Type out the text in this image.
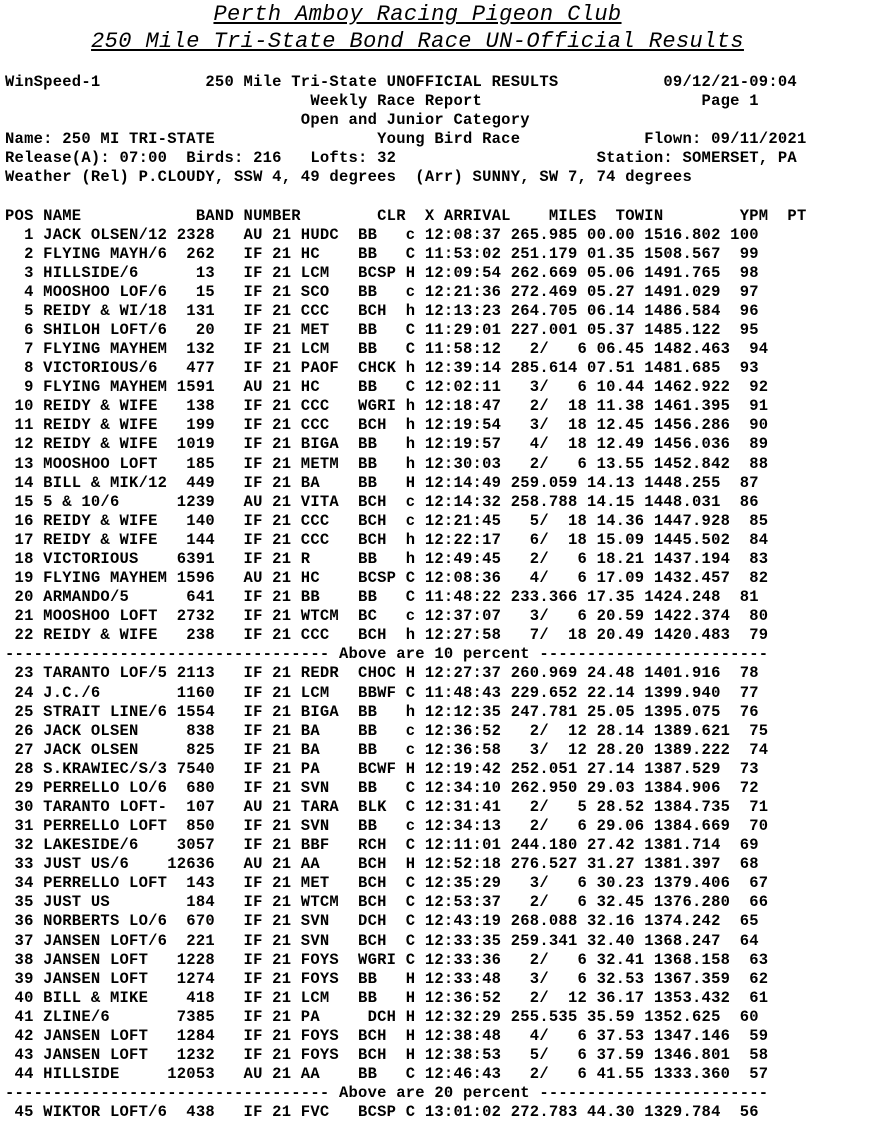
Perth Amboy Racing Pigeon Club
250 Mile Tri-State Bond Race UN-Official Results
WinSpeed-1           250 Mile Tri-State UNOFFICIAL RESULTS           09/12/21-09:04
Weekly Race Report                       Page 1
Open and Junior Category
Name: 250 MI TRI-STATE                 Young Bird Race             Flown: 09/11/2021
Release(A): 07:00  Birds: 216   Lofts: 32                     Station: SOMERSET, PA
Weather (Rel) P.CLOUDY, SSW 4, 49 degrees  (Arr) SUNNY, SW 7, 74 degrees
POS NAME            BAND NUMBER        CLR  X ARRIVAL    MILES  TOWIN        YPM  PT
1 JACK OLSEN/12 2328   AU 21 HUDC  BB   c 12:08:37 265.985 00.00 1516.802 100
2 FLYING MAYH/6  262   IF 21 HC    BB   C 11:53:02 251.179 01.35 1508.567  99
3 HILLSIDE/6      13   IF 21 LCM   BCSP H 12:09:54 262.669 05.06 1491.765  98
4 MOOSHOO LOF/6   15   IF 21 SCO   BB   c 12:21:36 272.469 05.27 1491.029  97
5 REIDY & WI/18  131   IF 21 CCC   BCH  h 12:13:23 264.705 06.14 1486.584  96
6 SHILOH LOFT/6   20   IF 21 MET   BB   C 11:29:01 227.001 05.37 1485.122  95
7 FLYING MAYHEM  132   IF 21 LCM   BB   C 11:58:12   2/   6 06.45 1482.463  94
8 VICTORIOUS/6   477   IF 21 PAOF  CHCK h 12:39:14 285.614 07.51 1481.685  93
9 FLYING MAYHEM 1591   AU 21 HC    BB   C 12:02:11   3/   6 10.44 1462.922  92
10 REIDY & WIFE   138   IF 21 CCC   WGRI h 12:18:47   2/  18 11.38 1461.395  91
11 REIDY & WIFE   199   IF 21 CCC   BCH  h 12:19:54   3/  18 12.45 1456.286  90
12 REIDY & WIFE  1019   IF 21 BIGA  BB   h 12:19:57   4/  18 12.49 1456.036  89
13 MOOSHOO LOFT   185   IF 21 METM  BB   h 12:30:03   2/   6 13.55 1452.842  88
14 BILL & MIK/12  449   IF 21 BA    BB   H 12:14:49 259.059 14.13 1448.255  87
15 5 & 10/6      1239   AU 21 VITA  BCH  c 12:14:32 258.788 14.15 1448.031  86
16 REIDY & WIFE   140   IF 21 CCC   BCH  c 12:21:45   5/  18 14.36 1447.928  85
17 REIDY & WIFE   144   IF 21 CCC   BCH  h 12:22:17   6/  18 15.09 1445.502  84
18 VICTORIOUS    6391   IF 21 R     BB   h 12:49:45   2/   6 18.21 1437.194  83
19 FLYING MAYHEM 1596   AU 21 HC    BCSP C 12:08:36   4/   6 17.09 1432.457  82
20 ARMANDO/5      641   IF 21 BB    BB   C 11:48:22 233.366 17.35 1424.248  81
21 MOOSHOO LOFT  2732   IF 21 WTCM  BC   c 12:37:07   3/   6 20.59 1422.374  80
22 REIDY & WIFE   238   IF 21 CCC   BCH  h 12:27:58   7/  18 20.49 1420.483  79
---------------------------------- Above are 10 percent ------------------------
23 TARANTO LOF/5 2113   IF 21 REDR  CHOC H 12:27:37 260.969 24.48 1401.916  78
24 J.C./6        1160   IF 21 LCM   BBWF C 11:48:43 229.652 22.14 1399.940  77
25 STRAIT LINE/6 1554   IF 21 BIGA  BB   h 12:12:35 247.781 25.05 1395.075  76
26 JACK OLSEN     838   IF 21 BA    BB   c 12:36:52   2/  12 28.14 1389.621  75
27 JACK OLSEN     825   IF 21 BA    BB   c 12:36:58   3/  12 28.20 1389.222  74
28 S.KRAWIEC/S/3 7540   IF 21 PA    BCWF H 12:19:42 252.051 27.14 1387.529  73
29 PERRELLO LO/6  680   IF 21 SVN   BB   C 12:34:10 262.950 29.03 1384.906  72
30 TARANTO LOFT-  107   AU 21 TARA  BLK  C 12:31:41   2/   5 28.52 1384.735  71
31 PERRELLO LOFT  850   IF 21 SVN   BB   c 12:34:13   2/   6 29.06 1384.669  70
32 LAKESIDE/6    3057   IF 21 BBF   RCH  C 12:11:01 244.180 27.42 1381.714  69
33 JUST US/6    12636   AU 21 AA    BCH  H 12:52:18 276.527 31.27 1381.397  68
34 PERRELLO LOFT  143   IF 21 MET   BCH  C 12:35:29   3/   6 30.23 1379.406  67
35 JUST US        184   IF 21 WTCM  BCH  C 12:53:37   2/   6 32.45 1376.280  66
36 NORBERTS LO/6  670   IF 21 SVN   DCH  C 12:43:19 268.088 32.16 1374.242  65
37 JANSEN LOFT/6  221   IF 21 SVN   BCH  C 12:33:35 259.341 32.40 1368.247  64
38 JANSEN LOFT   1228   IF 21 FOYS  WGRI C 12:33:36   2/   6 32.41 1368.158  63
39 JANSEN LOFT   1274   IF 21 FOYS  BB   H 12:33:48   3/   6 32.53 1367.359  62
40 BILL & MIKE    418   IF 21 LCM   BB   H 12:36:52   2/  12 36.17 1353.432  61
41 ZLINE/6       7385   IF 21 PA     DCH H 12:32:29 255.535 35.59 1352.625  60
42 JANSEN LOFT   1284   IF 21 FOYS  BCH  H 12:38:48   4/   6 37.53 1347.146  59
43 JANSEN LOFT   1232   IF 21 FOYS  BCH  H 12:38:53   5/   6 37.59 1346.801  58
44 HILLSIDE     12053   AU 21 AA    BB   C 12:46:43   2/   6 41.55 1333.360  57
---------------------------------- Above are 20 percent ------------------------
45 WIKTOR LOFT/6  438   IF 21 FVC   BCSP C 13:01:02 272.783 44.30 1329.784  56
